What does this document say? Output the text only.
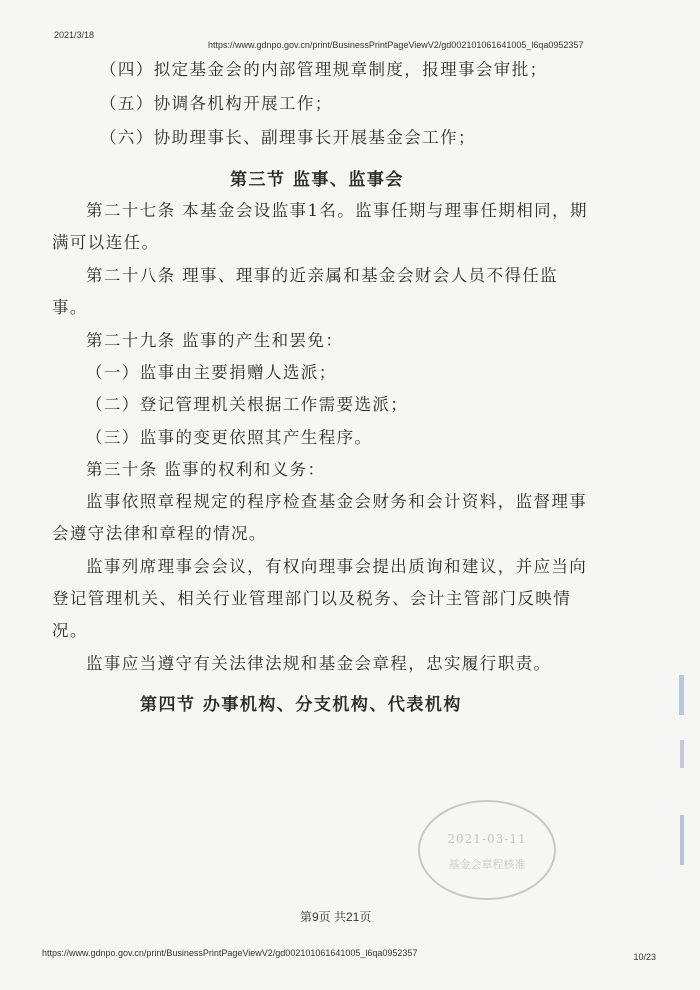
2021/3/18
https://www.gdnpo.gov.cn/print/BusinessPrintPageViewV2/gd002101061641005_l6qa0952357
（四）拟定基金会的内部管理规章制度，报理事会审批；
（五）协调各机构开展工作；
（六）协助理事长、副理事长开展基金会工作；
第三节 监事、监事会
第二十七条 本基金会设监事1名。监事任期与理事任期相同，期
满可以连任。
第二十八条 理事、理事的近亲属和基金会财会人员不得任监
事。
第二十九条 监事的产生和罢免：
（一）监事由主要捐赠人选派；
（二）登记管理机关根据工作需要选派；
（三）监事的变更依照其产生程序。
第三十条 监事的权利和义务：
监事依照章程规定的程序检查基金会财务和会计资料，监督理事
会遵守法律和章程的情况。
监事列席理事会会议，有权向理事会提出质询和建议，并应当向
登记管理机关、相关行业管理部门以及税务、会计主管部门反映情
况。
监事应当遵守有关法律法规和基金会章程，忠实履行职责。
第四节 办事机构、分支机构、代表机构
2021-03-11
基金会章程核准
第9页 共21页
https://www.gdnpo.gov.cn/print/BusinessPrintPageViewV2/gd002101061641005_l6qa0952357	10/23
